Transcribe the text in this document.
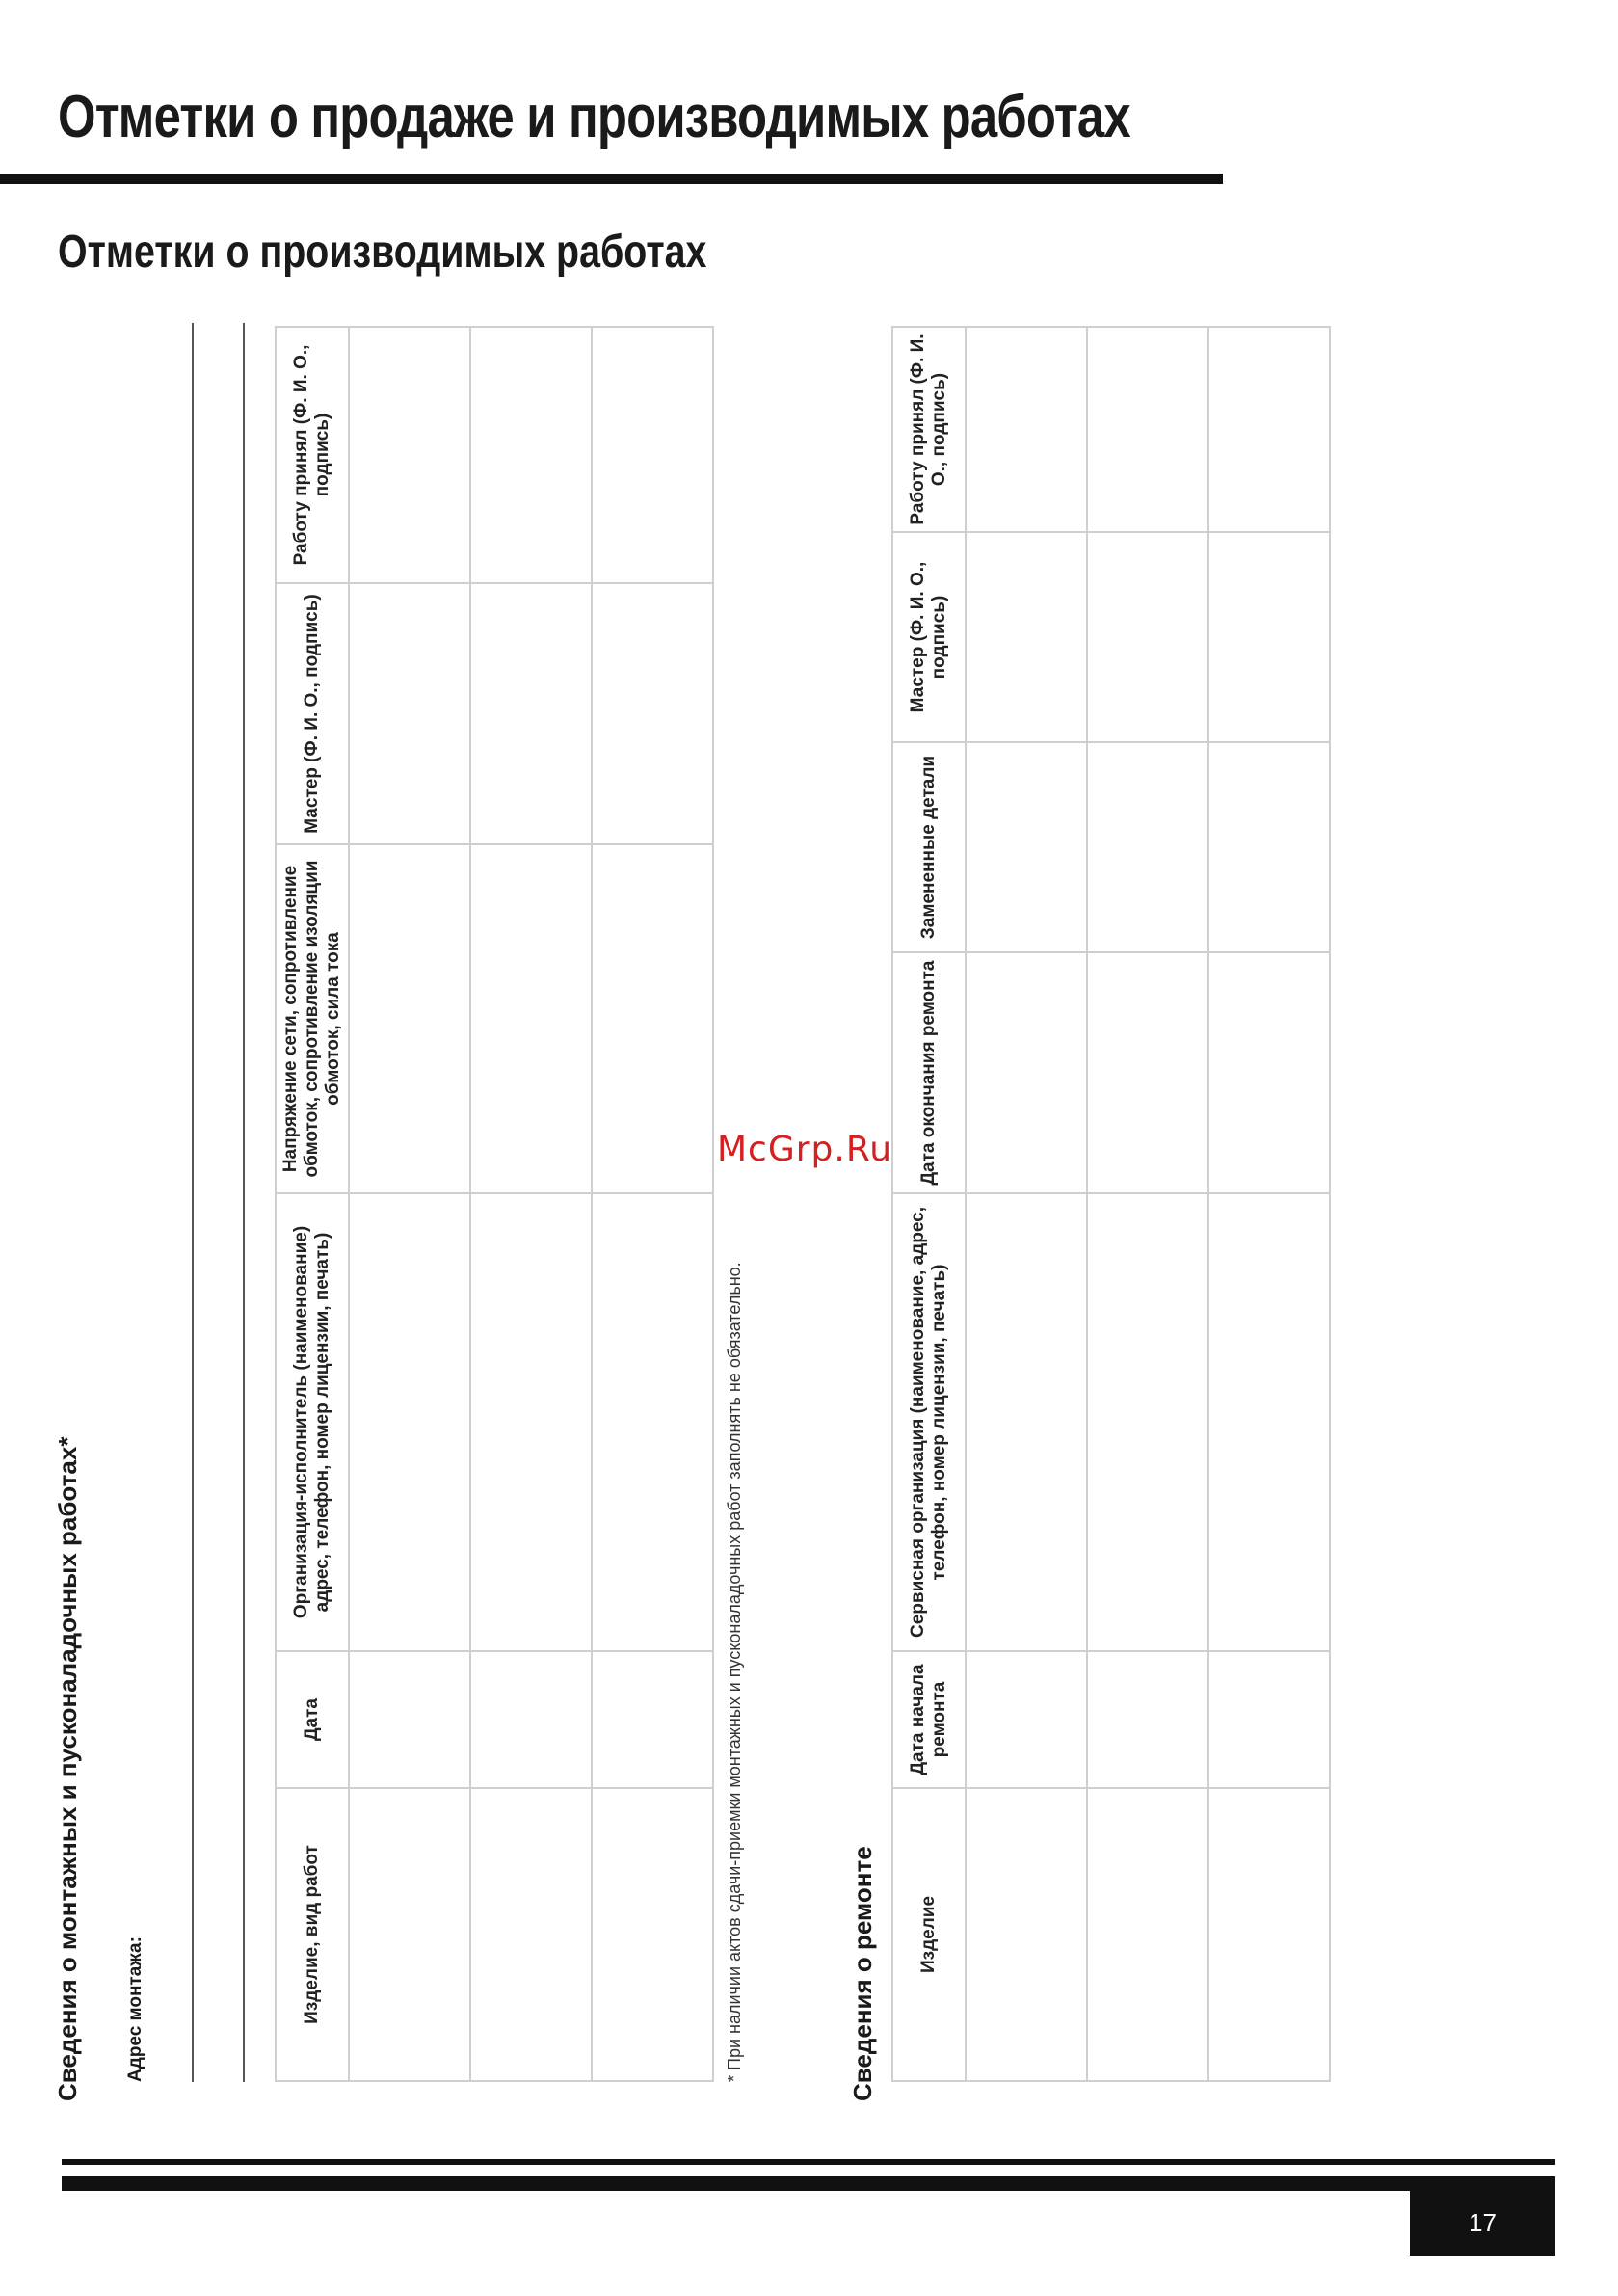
Отметки о продаже и производимых работах
Отметки о производимых работах
Сведения о монтажных и пусконаладочных работах* Адрес монтажа:	Изделие, вид работ	Дата	Организация-исполнитель (наименование) адрес, телефон, номер лицензии, печать)	Напряжение сети, сопротивление обмоток, сопротивление изоляции обмоток, сила тока	Мастер (Ф. И. О., подпись)	Работу принял (Ф. И. О., подпись)

* При наличии актов сдачи-приемки монтажных и пусконаладочных работ заполнять не обязательно.	Сведения о ремонте Изделие	Дата начала ремонта	Сервисная организация (наименование, адрес, телефон, номер лицензии, печать)	Дата окончания ремонта	Замененные детали	Мастер (Ф. И. О., подпись)	Работу принял (Ф. И. О., подпись)

McGrp.Ru
17
